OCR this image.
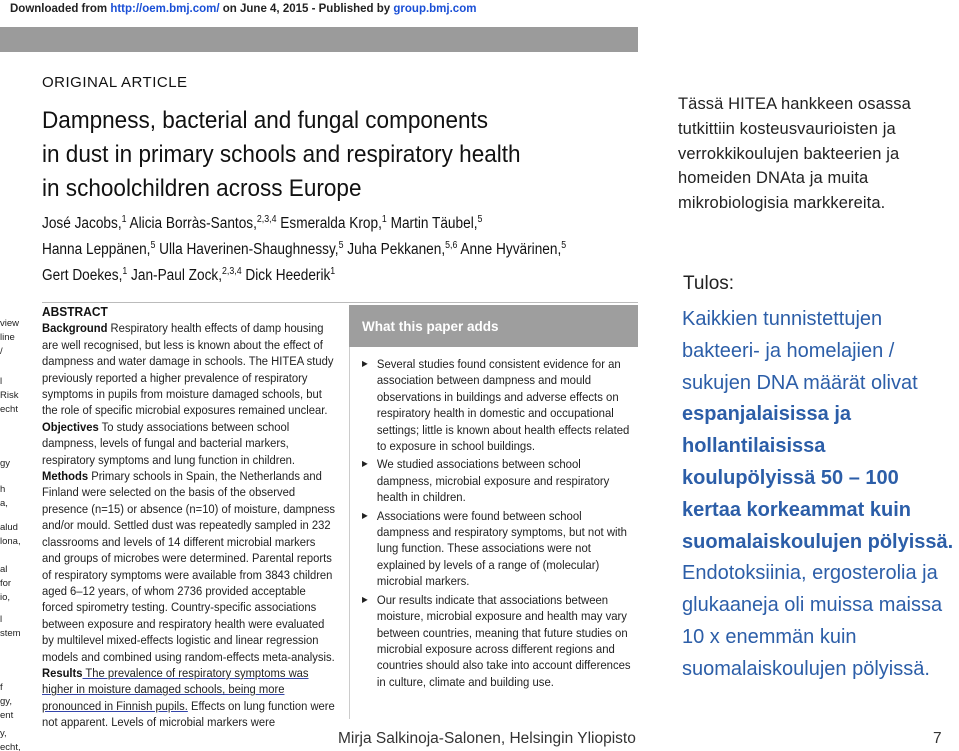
Downloaded from http://oem.bmj.com/ on June 4, 2015 - Published by group.bmj.com
view
line
/
l
Risk
echt
gy
h
a,
alud
lona,
al
for
io,
l
stem
f
gy,
ent
y,
echt,
ORIGINAL ARTICLE
Dampness, bacterial and fungal components
in dust in primary schools and respiratory health
in schoolchildren across Europe
José Jacobs,$^1$ Alicia Borràs-Santos,$^{2,3,4}$ Esmeralda Krop,$^1$ Martin Täubel,$^5$
Hanna Leppänen,$^5$ Ulla Haverinen-Shaughnessy,$^5$ Juha Pekkanen,$^{5,6}$ Anne Hyvärinen,$^5$
Gert Doekes,$^1$ Jan-Paul Zock,$^{2,3,4}$ Dick Heederik$^1$
ABSTRACT
Background Respiratory health effects of damp housing are well recognised, but less is known about the effect of dampness and water damage in schools. The HITEA study previously reported a higher prevalence of respiratory symptoms in pupils from moisture damaged schools, but the role of specific microbial exposures remained unclear.
Objectives To study associations between school dampness, levels of fungal and bacterial markers, respiratory symptoms and lung function in children.
Methods Primary schools in Spain, the Netherlands and Finland were selected on the basis of the observed presence (n=15) or absence (n=10) of moisture, dampness and/or mould. Settled dust was repeatedly sampled in 232 classrooms and levels of 14 different microbial markers and groups of microbes were determined. Parental reports of respiratory symptoms were available from 3843 children aged 6–12 years, of whom 2736 provided acceptable forced spirometry testing. Country-specific associations between exposure and respiratory health were evaluated by multilevel mixed-effects logistic and linear regression models and combined using random-effects meta-analysis.
Results The prevalence of respiratory symptoms was higher in moisture damaged schools, being more pronounced in Finnish pupils. Effects on lung function were not apparent. Levels of microbial markers were
What this paper adds
▶ Several studies found consistent evidence for an association between dampness and mould observations in buildings and adverse effects on respiratory health in domestic and occupational settings; little is known about health effects related to exposure in school buildings.
▶ We studied associations between school dampness, microbial exposure and respiratory health in children.
▶ Associations were found between school dampness and respiratory symptoms, but not with lung function. These associations were not explained by levels of a range of (molecular) microbial markers.
▶ Our results indicate that associations between moisture, microbial exposure and health may vary between countries, meaning that future studies on microbial exposure across different regions and countries should also take into account differences in culture, climate and building use.
Tässä HITEA hankkeen osassa tutkittiin kosteusvaurioisten ja verrokkikoulujen bakteerien ja homeiden DNAta ja muita mikrobiologisia markkereita.
Tulos:
Kaikkien tunnistettujen bakteeri- ja homelajien / sukujen DNA määrät olivat espanjalaisissa ja hollantilaisissa koulupölyissä 50 – 100 kertaa korkeammat kuin suomalaiskoulujen pölyissä. Endotoksiinia, ergosterolia ja glukaaneja oli muissa maissa 10 x enemmän kuin suomalaiskoulujen pölyissä.
Mirja Salkinoja-Salonen, Helsingin Yliopisto	7
